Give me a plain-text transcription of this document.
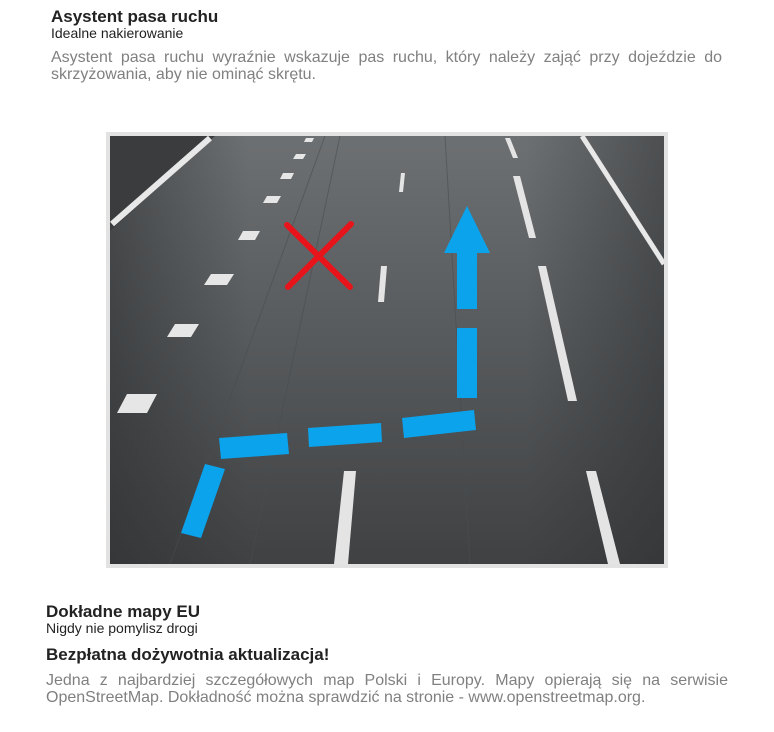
Asystent pasa ruchu
Idealne nakierowanie

Asystent pasa ruchu wyraźnie wskazuje pas ruchu, który należy zająć przy dojeździe do skrzyżowania, aby nie ominąć skrętu.

Dokładne mapy EU
Nigdy nie pomylisz drogi
Bezpłatna dożywotnia aktualizacja!

Jedna z najbardziej szczegółowych map Polski i Europy. Mapy opierają się na serwisie OpenStreetMap. Dokładność można sprawdzić na stronie - www.openstreetmap.org.
